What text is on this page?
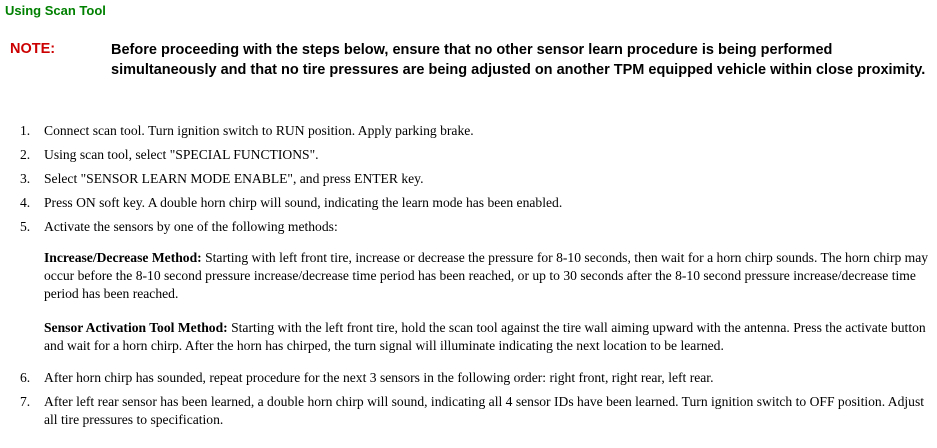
Using Scan Tool
NOTE:	Before proceeding with the steps below, ensure that no other sensor learn procedure is being performed simultaneously and that no tire pressures are being adjusted on another TPM equipped vehicle within close proximity.
1. Connect scan tool. Turn ignition switch to RUN position. Apply parking brake.
2. Using scan tool, select "SPECIAL FUNCTIONS".
3. Select "SENSOR LEARN MODE ENABLE", and press ENTER key.
4. Press ON soft key. A double horn chirp will sound, indicating the learn mode has been enabled.
5. Activate the sensors by one of the following methods:
Increase/Decrease Method: Starting with left front tire, increase or decrease the pressure for 8-10 seconds, then wait for a horn chirp sounds. The horn chirp may occur before the 8-10 second pressure increase/decrease time period has been reached, or up to 30 seconds after the 8-10 second pressure increase/decrease time period has been reached.
Sensor Activation Tool Method: Starting with the left front tire, hold the scan tool against the tire wall aiming upward with the antenna. Press the activate button and wait for a horn chirp. After the horn has chirped, the turn signal will illuminate indicating the next location to be learned.
6. After horn chirp has sounded, repeat procedure for the next 3 sensors in the following order: right front, right rear, left rear.
7. After left rear sensor has been learned, a double horn chirp will sound, indicating all 4 sensor IDs have been learned. Turn ignition switch to OFF position. Adjust all tire pressures to specification.
